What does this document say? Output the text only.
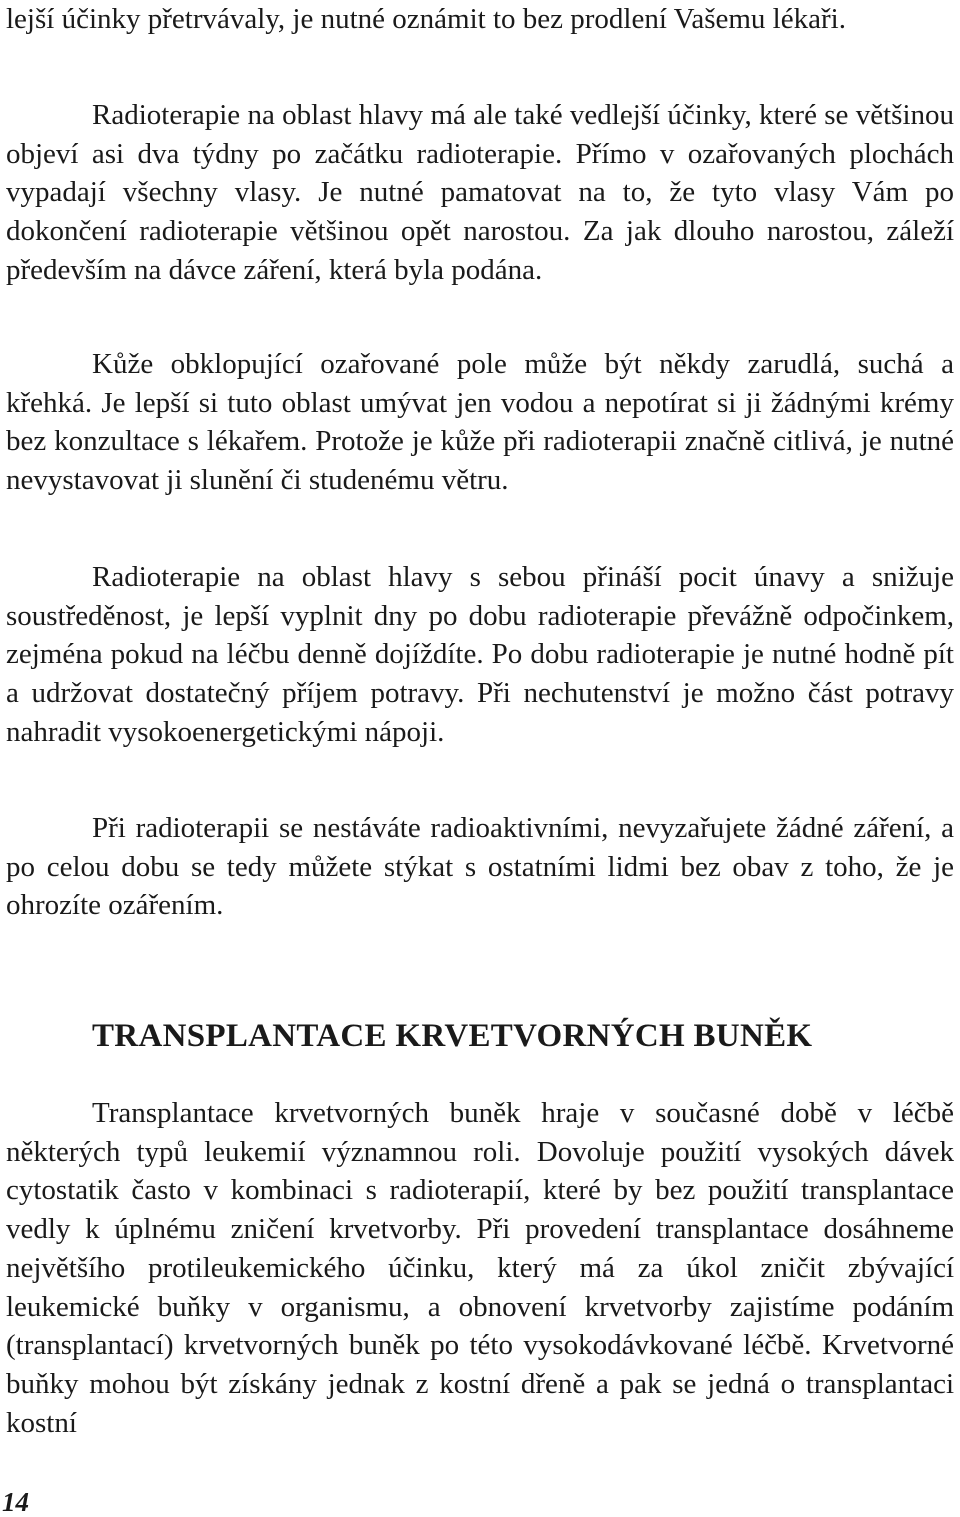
lejší účinky přetrvávaly, je nutné oznámit to bez prodlení Vašemu lékaři.

Radioterapie na oblast hlavy má ale také vedlejší účinky, které se většinou objeví asi dva týdny po začátku radioterapie. Přímo v ozařovaných plochách vypadají všechny vlasy. Je nutné pamatovat na to, že tyto vlasy Vám po dokončení radioterapie většinou opět narostou. Za jak dlouho narostou, záleží především na dávce záření, která byla podána.

Kůže obklopující ozařované pole může být někdy zarudlá, suchá a křehká. Je lepší si tuto oblast umývat jen vodou a nepotírat si ji žádnými krémy bez konzultace s lékařem. Protože je kůže při radioterapii značně citlivá, je nutné nevystavovat ji slunění či studenému větru.

Radioterapie na oblast hlavy s sebou přináší pocit únavy a snižuje soustředěnost, je lepší vyplnit dny po dobu radioterapie převážně odpočinkem, zejména pokud na léčbu denně dojíždíte. Po dobu radioterapie je nutné hodně pít a udržovat dostatečný příjem potravy. Při nechutenství je možno část potravy nahradit vysokoenergetickými nápoji.

Při radioterapii se nestáváte radioaktivními, nevyzařujete žádné záření, a po celou dobu se tedy můžete stýkat s ostatními lidmi bez obav z toho, že je ohrozíte ozářením.

TRANSPLANTACE KRVETVORNÝCH BUNĚK

Transplantace krvetvorných buněk hraje v současné době v léčbě některých typů leukemií významnou roli. Dovoluje použití vysokých dávek cytostatik často v kombinaci s radioterapií, které by bez použití transplantace vedly k úplnému zničení krvetvorby. Při provedení transplantace dosáhneme největšího protileukemického účinku, který má za úkol zničit zbývající leukemické buňky v organismu, a obnovení krvetvorby zajistíme podáním (transplantací) krvetvorných buněk po této vysokodávkované léčbě. Krvetvorné buňky mohou být získány jednak z kostní dřeně a pak se jedná o transplantaci kostní

14
